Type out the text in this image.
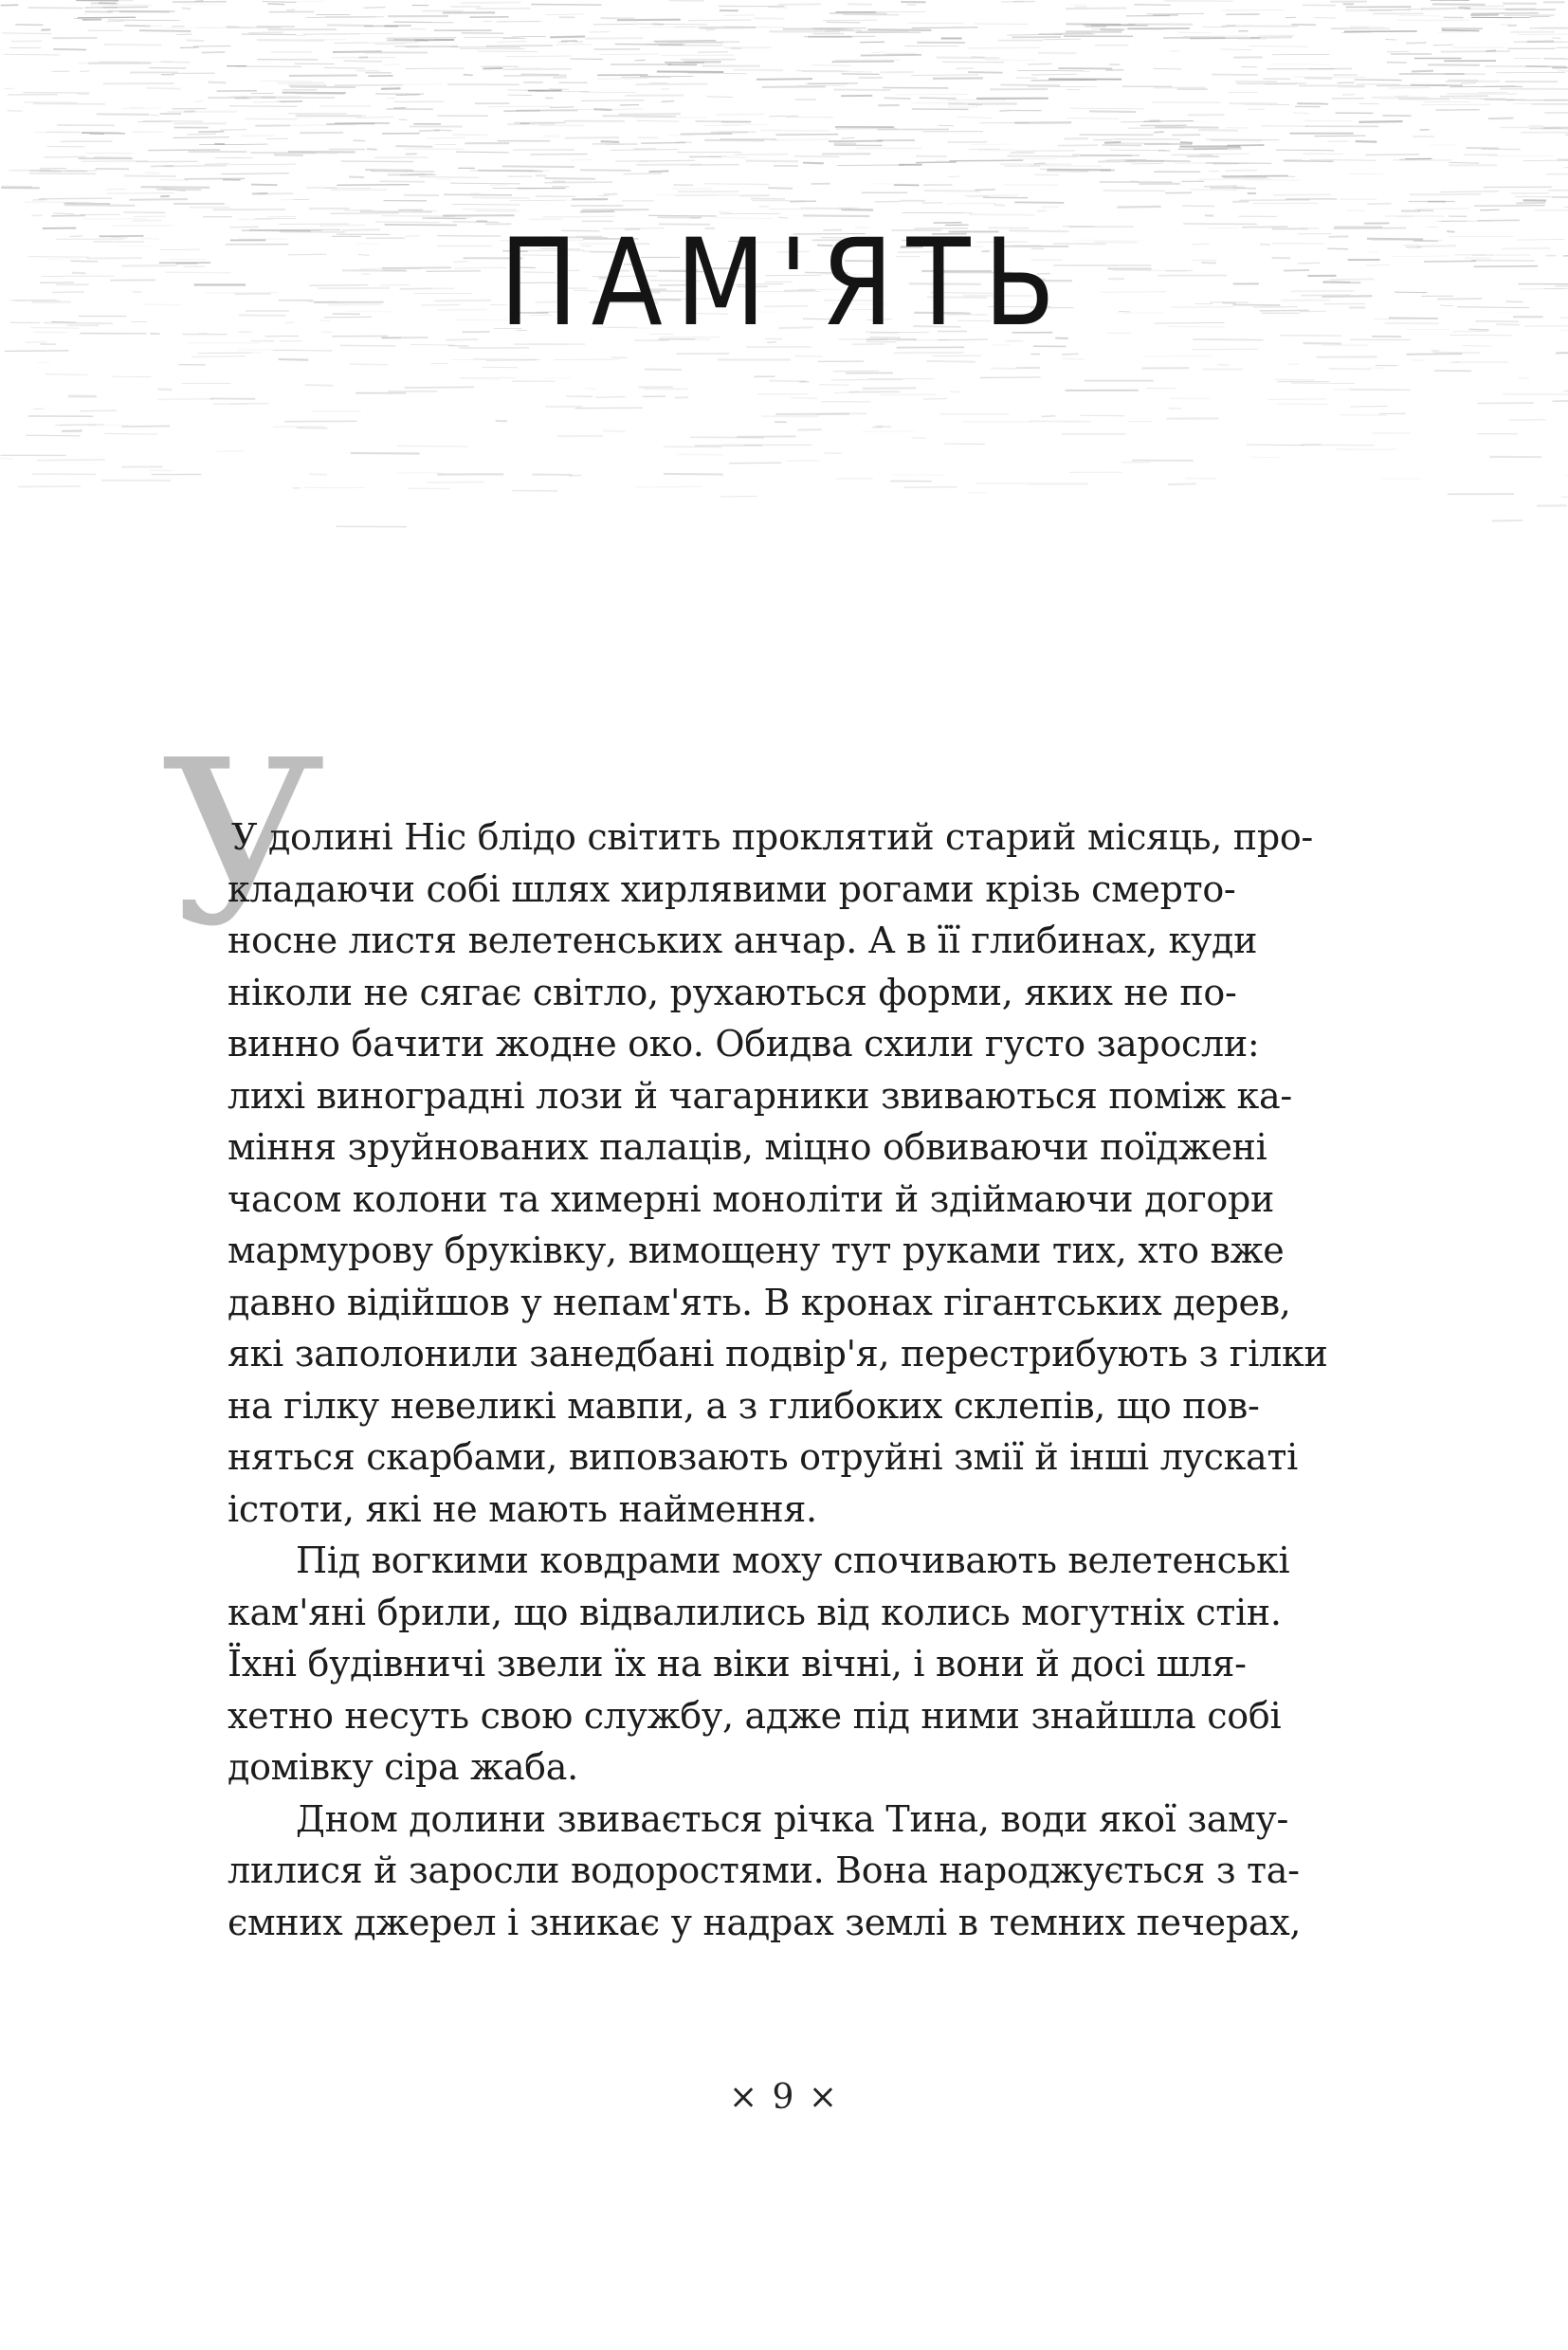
ПАМ'ЯТЬ
У
У долині Ніс блідо світить проклятий старий місяць, про-
кладаючи собі шлях хирлявими рогами крізь смерто-
носне листя велетенських анчар. А в її глибинах, куди
ніколи не сягає світло, рухаються форми, яких не по-
винно бачити жодне око. Обидва схили густо заросли:
лихі виноградні лози й чагарники звиваються поміж ка-
міння зруйнованих палаців, міцно обвиваючи поїджені
часом колони та химерні моноліти й здіймаючи догори
мармурову бруківку, вимощену тут руками тих, хто вже
давно відійшов у непам'ять. В кронах гігантських дерев,
які заполонили занедбані подвір'я, перестрибують з гілки
на гілку невеликі мавпи, а з глибоких склепів, що пов-
няться скарбами, виповзають отруйні змії й інші лускаті
істоти, які не мають наймення.
Під вогкими ковдрами моху спочивають велетенські
кам'яні брили, що відвалились від колись могутніх стін.
Їхні будівничі звели їх на віки вічні, і вони й досі шля-
хетно несуть свою службу, адже під ними знайшла собі
домівку сіра жаба.
Дном долини звивається річка Тина, води якої заму-
лилися й заросли водоростями. Вона народжується з та-
ємних джерел і зникає у надрах землі в темних печерах,
× 9 ×
